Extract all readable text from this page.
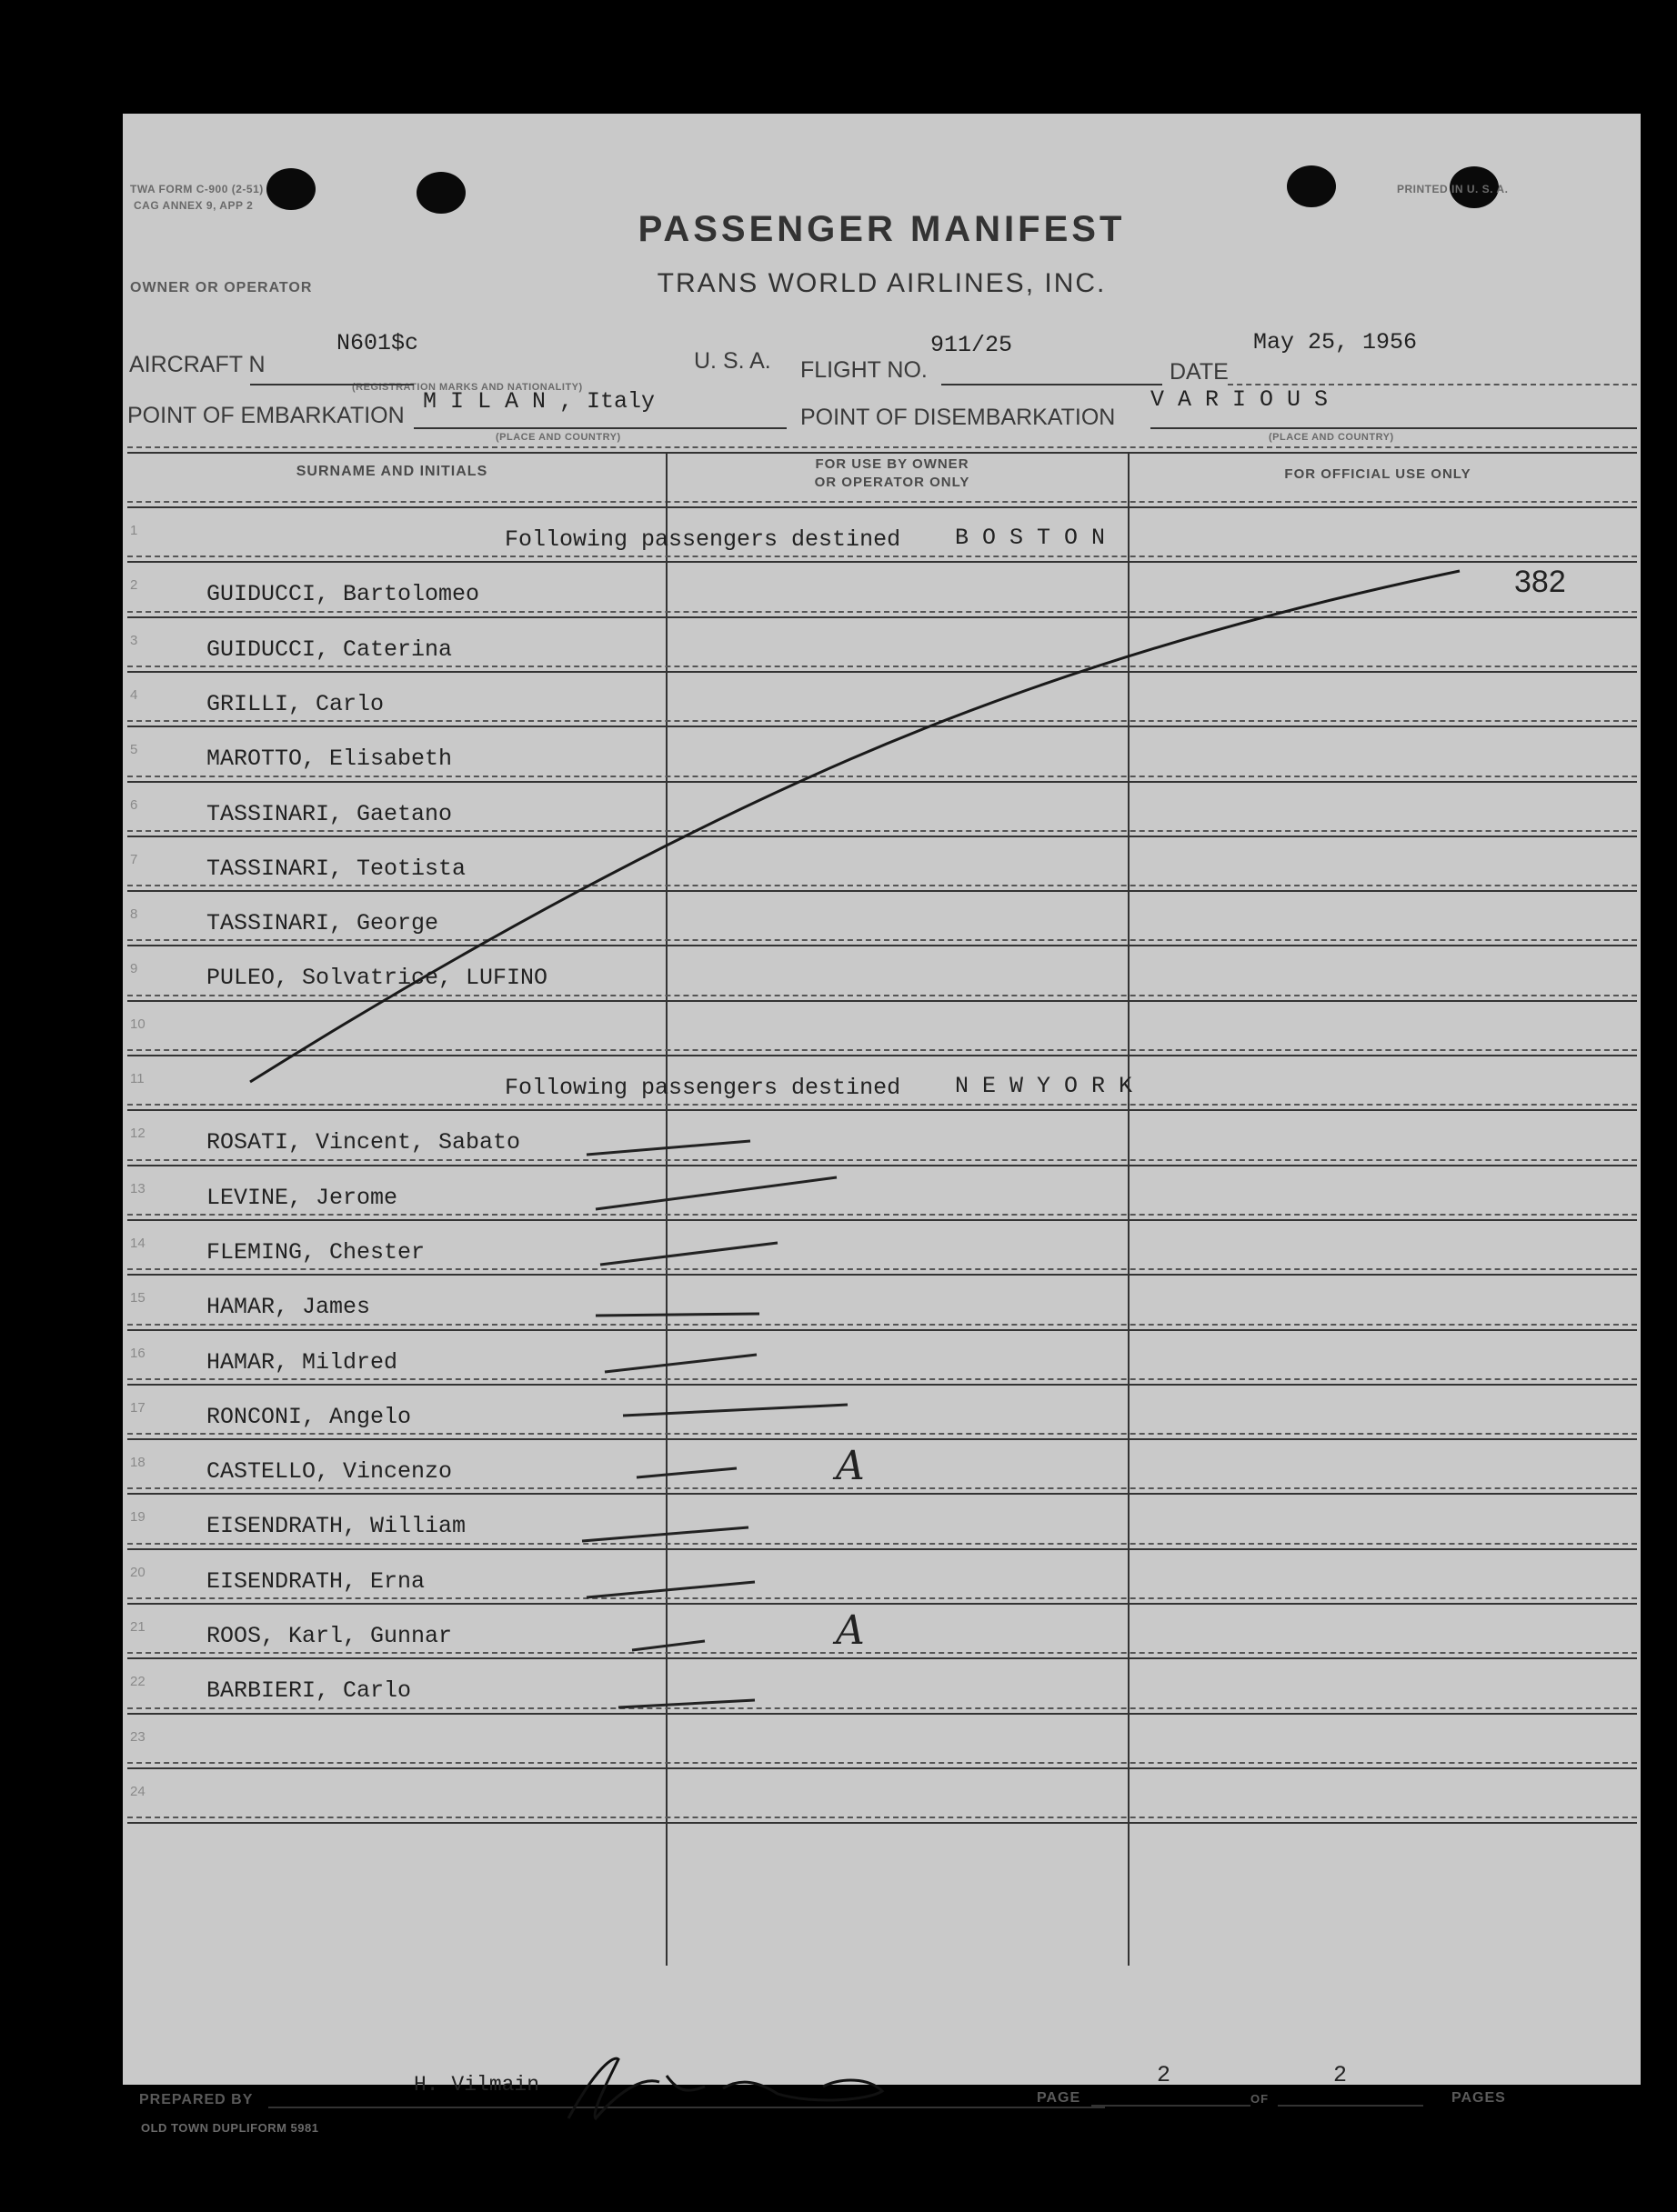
TWA FORM C-900 (2-51)
CAG ANNEX 9, APP 2
PRINTED IN U. S. A.
PASSENGER MANIFEST
OWNER OR OPERATOR	TRANS WORLD AIRLINES, INC.
AIRCRAFT N
N601$c
(REGISTRATION MARKS AND NATIONALITY)
U. S. A. FLIGHT NO.
911/25
DATE
May 25, 1956
POINT OF EMBARKATION
M I L A N , Italy
(PLACE AND COUNTRY)
POINT OF DISEMBARKATION
V A R I O U S
(PLACE AND COUNTRY)
SURNAME AND INITIALS	FOR USE BY OWNER
OR OPERATOR ONLY
FOR OFFICIAL USE ONLY
1	Following passengers destined B O S T O N
2	GUIDUCCI, Bartolomeo
3	GUIDUCCI, Caterina
4	GRILLI, Carlo
5	MAROTTO, Elisabeth
6	TASSINARI, Gaetano
7	TASSINARI, Teotista
8	TASSINARI, George
9	PULEO, Solvatrice, LUFINO
10
11	Following passengers destined N E W Y O R K
12	ROSATI, Vincent, Sabato
13	LEVINE, Jerome
14	FLEMING, Chester
15	HAMAR, James
16	HAMAR, Mildred
17	RONCONI, Angelo
18	CASTELLO, Vincenzo	A
19	EISENDRATH, William
20	EISENDRATH, Erna
21	ROOS, Karl, Gunnar	A
22	BARBIERI, Carlo
23
24
382
PREPARED BY
H. Vilmain
PAGE
2
OF
2
PAGES
OLD TOWN DUPLIFORM 5981
